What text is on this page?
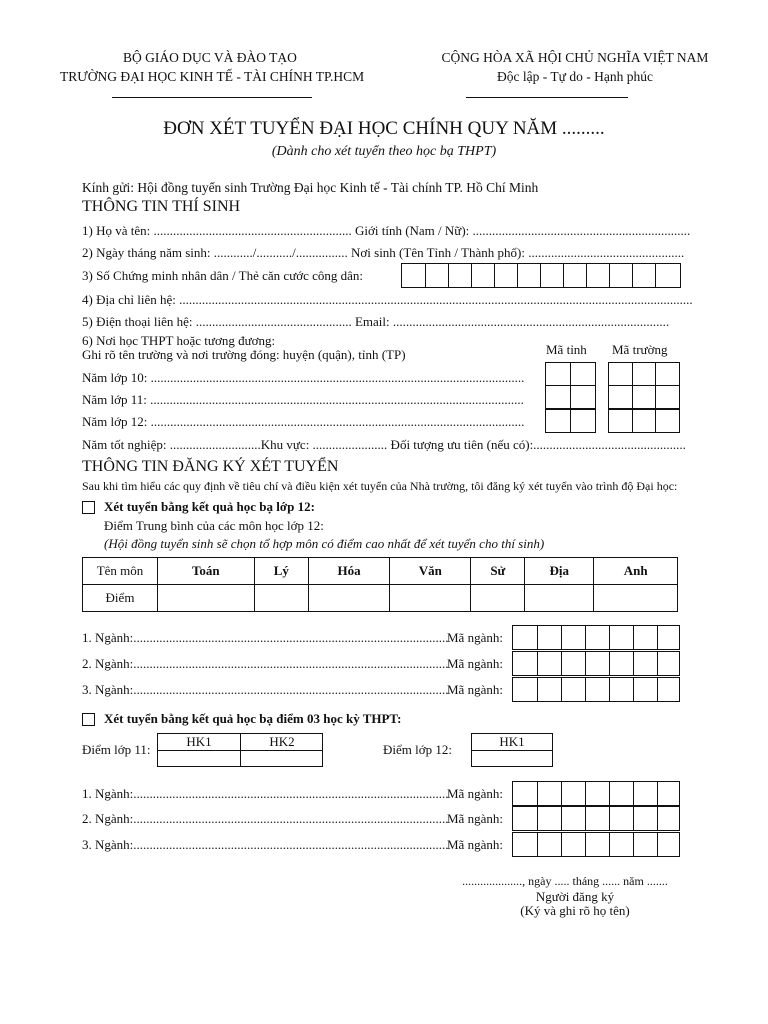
BỘ GIÁO DỤC VÀ ĐÀO TẠO
TRƯỜNG ĐẠI HỌC KINH TẾ - TÀI CHÍNH TP.HCM
CỘNG HÒA XÃ HỘI CHỦ NGHĨA VIỆT NAM
Độc lập - Tự do - Hạnh phúc
ĐƠN XÉT TUYỂN ĐẠI HỌC CHÍNH QUY NĂM .........
(Dành cho xét tuyển theo học bạ THPT)
Kính gửi: Hội đồng tuyển sinh Trường Đại học Kinh tế - Tài chính TP. Hồ Chí Minh
THÔNG TIN THÍ SINH
1) Họ và tên: ............................................................. Giới tính (Nam / Nữ): ...................................................................
2) Ngày tháng năm sinh: ............/.........../................ Nơi sinh (Tên Tỉnh / Thành phố): ................................................
3) Số Chứng minh nhân dân / Thẻ căn cước công dân:
4) Địa chỉ liên hệ: ..............................................................................................................................................................
5) Điện thoại liên hệ: ................................................ Email: .....................................................................................
6) Nơi học THPT hoặc tương đương:
Ghi rõ tên trường và nơi trường đóng: huyện (quận), tỉnh (TP)	Mã tỉnh Mã trường
Năm lớp 10: ...................................................................................................................
Năm lớp 11: ...................................................................................................................
Năm lớp 12: ...................................................................................................................
Năm tốt nghiệp: ............................Khu vực: ....................... Đối tượng ưu tiên (nếu có):...............................................
THÔNG TIN ĐĂNG KÝ XÉT TUYỂN
Sau khi tìm hiểu các quy định về tiêu chí và điều kiện xét tuyển của Nhà trường, tôi đăng ký xét tuyển vào trình độ Đại học:
Xét tuyển bằng kết quả học bạ lớp 12:
Điểm Trung bình của các môn học lớp 12:
(Hội đồng tuyển sinh sẽ chọn tổ hợp môn có điểm cao nhất để xét tuyển cho thí sinh)
Tên môn	Toán	Lý	Hóa	Văn	Sử	Địa	Anh
Điểm							
1. Ngành:.................................................................................................
Mã ngành:
2. Ngành:.................................................................................................
Mã ngành:
3. Ngành:.................................................................................................
Mã ngành:
Xét tuyển bằng kết quả học bạ điểm 03 học kỳ THPT:
Điểm lớp 11:
HK1	HK2
Điểm lớp 12:
HK1
1. Ngành:.................................................................................................
Mã ngành:
2. Ngành:.................................................................................................
Mã ngành:
3. Ngành:.................................................................................................
Mã ngành:
...................., ngày ..... tháng ...... năm .......
Người đăng ký
(Ký và ghi rõ họ tên)
